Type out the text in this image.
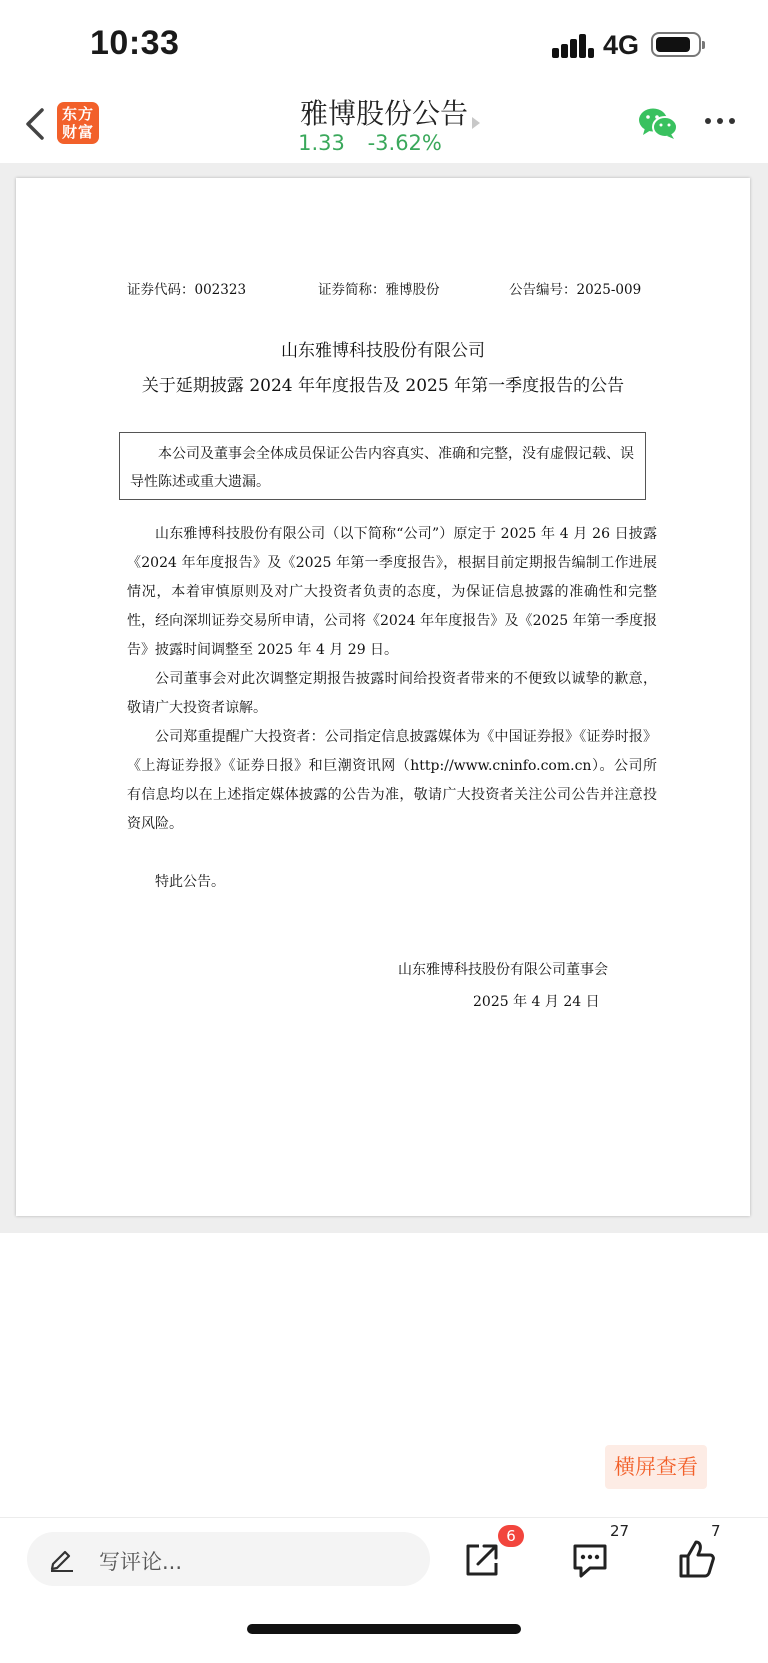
10:33	4G
东方
财富
雅博股份公告
1.33 -3.62%
证券代码：002323	证券简称：雅博股份	公告编号：2025-009
山东雅博科技股份有限公司
关于延期披露 2024 年年度报告及 2025 年第一季度报告的公告
本公司及董事会全体成员保证公告内容真实、准确和完整，没有虚假记载、误导性陈述或重大遗漏。
山东雅博科技股份有限公司（以下简称“公司”）原定于 2025 年 4 月 26 日披露《2024 年年度报告》及《2025 年第一季度报告》，根据目前定期报告编制工作进展情况，本着审慎原则及对广大投资者负责的态度，为保证信息披露的准确性和完整性，经向深圳证券交易所申请，公司将《2024 年年度报告》及《2025 年第一季度报告》披露时间调整至 2025 年 4 月 29 日。
公司董事会对此次调整定期报告披露时间给投资者带来的不便致以诚挚的歉意，敬请广大投资者谅解。
公司郑重提醒广大投资者：公司指定信息披露媒体为《中国证券报》《证券时报》《上海证券报》《证券日报》和巨潮资讯网（http://www.cninfo.com.cn）。公司所有信息均以在上述指定媒体披露的公告为准，敬请广大投资者关注公司公告并注意投资风险。
特此公告。
山东雅博科技股份有限公司董事会
2025 年 4 月 24 日
横屏查看
写评论...
6	27	7
